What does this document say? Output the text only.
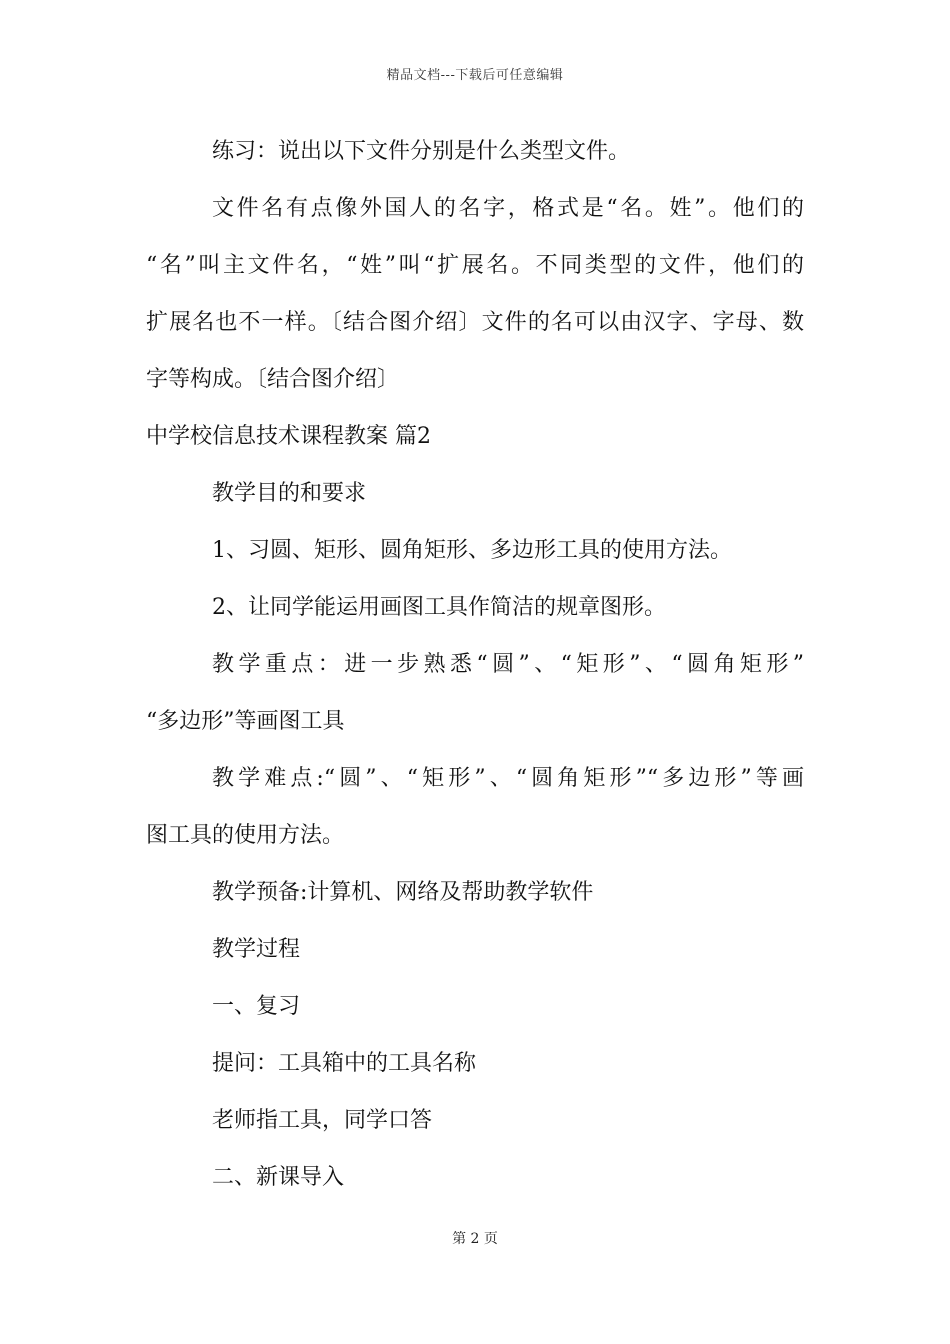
精品文档---下载后可任意编辑
练习：说出以下文件分别是什么类型文件。
文件名有点像外国人的名字，格式是“名。姓”。他们的
“名”叫主文件名，“姓”叫“扩展名。不同类型的文件，他们的
扩展名也不一样。〔结合图介绍〕文件的名可以由汉字、字母、数
字等构成。〔结合图介绍〕
中学校信息技术课程教案 篇2
教学目的和要求
1、习圆、矩形、圆角矩形、多边形工具的使用方法。
2、让同学能运用画图工具作简洁的规章图形。
教学重点：进一步熟悉“圆”、“矩形”、“圆角矩形”
“多边形”等画图工具
教学难点:“圆”、“矩形”、“圆角矩形”“多边形”等画
图工具的使用方法。
教学预备:计算机、网络及帮助教学软件
教学过程
一、复习
提问：工具箱中的工具名称
老师指工具，同学口答
二、新课导入
第 2 页
